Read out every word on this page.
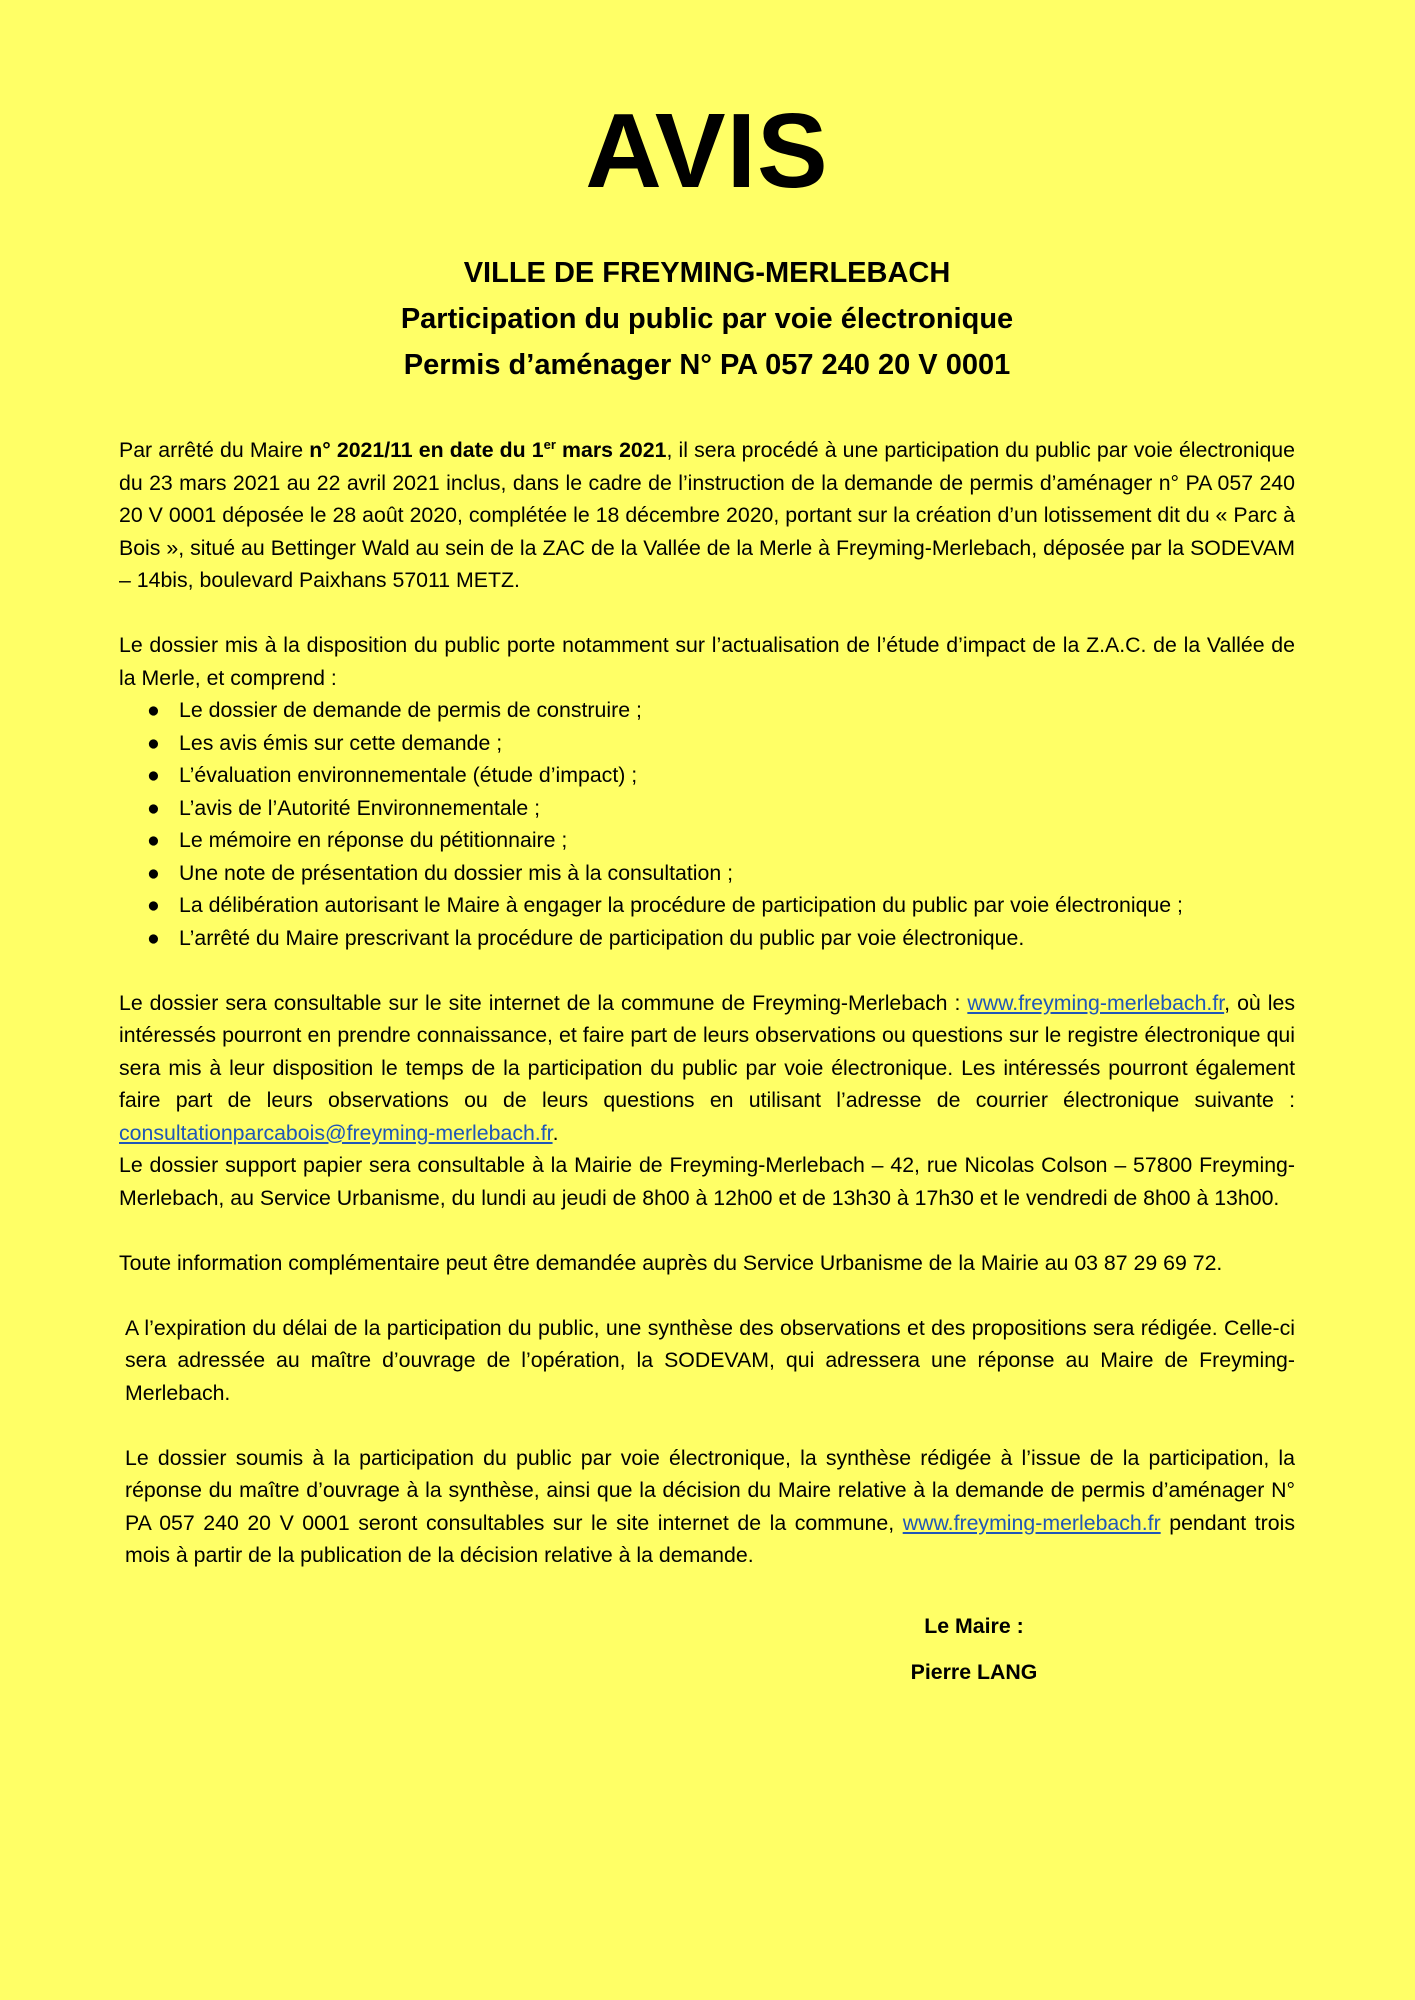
AVIS
VILLE DE FREYMING-MERLEBACH
Participation du public par voie électronique
Permis d’aménager N° PA 057 240 20 V 0001

Par arrêté du Maire n° 2021/11 en date du 1er mars 2021, il sera procédé à une participation du public par voie électronique du 23 mars 2021 au 22 avril 2021 inclus, dans le cadre de l’instruction de la demande de permis d’aménager n° PA 057 240 20 V 0001 déposée le 28 août 2020, complétée le 18 décembre 2020, portant sur la création d’un lotissement dit du « Parc à Bois », situé au Bettinger Wald au sein de la ZAC de la Vallée de la Merle à Freyming-Merlebach, déposée par la SODEVAM – 14bis, boulevard Paixhans 57011 METZ.

Le dossier mis à la disposition du public porte notamment sur l’actualisation de l’étude d’impact de la Z.A.C. de la Vallée de la Merle, et comprend :

● Le dossier de demande de permis de construire ;
● Les avis émis sur cette demande ;
● L’évaluation environnementale (étude d’impact) ;
● L’avis de l’Autorité Environnementale ;
● Le mémoire en réponse du pétitionnaire ;
● Une note de présentation du dossier mis à la consultation ;
● La délibération autorisant le Maire à engager la procédure de participation du public par voie électronique ;
● L’arrêté du Maire prescrivant la procédure de participation du public par voie électronique.

Le dossier sera consultable sur le site internet de la commune de Freyming-Merlebach : www.freyming-merlebach.fr, où les intéressés pourront en prendre connaissance, et faire part de leurs observations ou questions sur le registre électronique qui sera mis à leur disposition le temps de la participation du public par voie électronique. Les intéressés pourront également faire part de leurs observations ou de leurs questions en utilisant l’adresse de courrier électronique suivante : consultationparcabois@freyming-merlebach.fr.

Le dossier support papier sera consultable à la Mairie de Freyming-Merlebach – 42, rue Nicolas Colson – 57800 Freyming-Merlebach, au Service Urbanisme, du lundi au jeudi de 8h00 à 12h00 et de 13h30 à 17h30 et le vendredi de 8h00 à 13h00.

Toute information complémentaire peut être demandée auprès du Service Urbanisme de la Mairie au 03 87 29 69 72.

A l’expiration du délai de la participation du public, une synthèse des observations et des propositions sera rédigée. Celle-ci sera adressée au maître d’ouvrage de l’opération, la SODEVAM, qui adressera une réponse au Maire de Freyming-Merlebach.

Le dossier soumis à la participation du public par voie électronique, la synthèse rédigée à l’issue de la participation, la réponse du maître d’ouvrage à la synthèse, ainsi que la décision du Maire relative à la demande de permis d’aménager N° PA 057 240 20 V 0001 seront consultables sur le site internet de la commune, www.freyming-merlebach.fr pendant trois mois à partir de la publication de la décision relative à la demande.

Le Maire :
Pierre LANG
